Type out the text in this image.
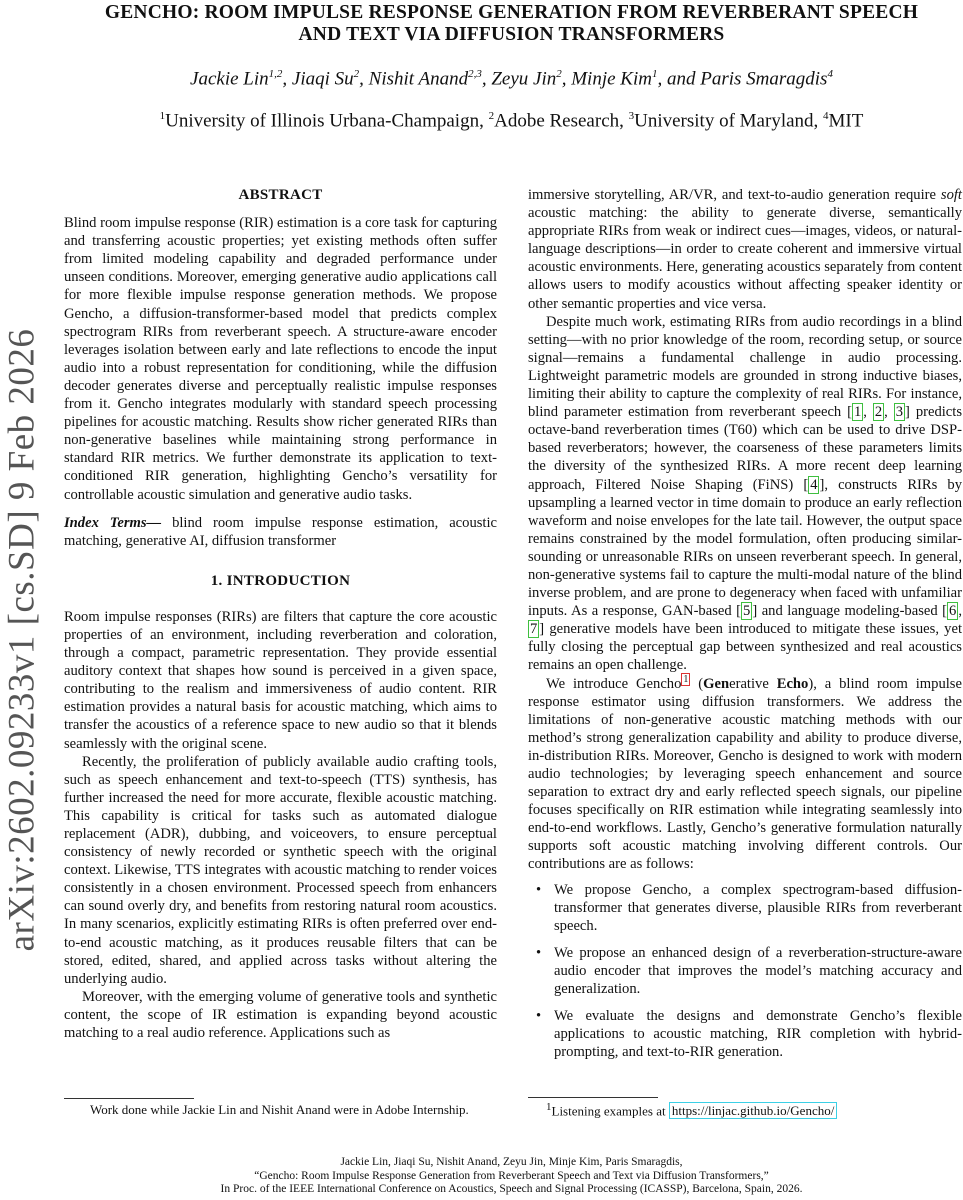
arXiv:2602.09233v1 [cs.SD] 9 Feb 2026
GENCHO: ROOM IMPULSE RESPONSE GENERATION FROM REVERBERANT SPEECH
AND TEXT VIA DIFFUSION TRANSFORMERS
Jackie Lin$^{1,2}$, Jiaqi Su$^2$, Nishit Anand$^{2,3}$, Zeyu Jin$^2$, Minje Kim$^1$, and Paris Smaragdis$^4$
$^1$University of Illinois Urbana-Champaign, $^2$Adobe Research, $^3$University of Maryland, $^4$MIT
ABSTRACT

Blind room impulse response (RIR) estimation is a core task for capturing and transferring acoustic properties; yet existing methods often suffer from limited modeling capability and degraded performance under unseen conditions. Moreover, emerging generative audio applications call for more flexible impulse response generation methods. We propose Gencho, a diffusion-transformer-based model that predicts complex spectrogram RIRs from reverberant speech. A structure-aware encoder leverages isolation between early and late reflections to encode the input audio into a robust representation for conditioning, while the diffusion decoder generates diverse and perceptually realistic impulse responses from it. Gencho integrates modularly with standard speech processing pipelines for acoustic matching. Results show richer generated RIRs than non-generative baselines while maintaining strong performance in standard RIR metrics. We further demonstrate its application to text-conditioned RIR generation, highlighting Gencho’s versatility for controllable acoustic simulation and generative audio tasks.

Index Terms— blind room impulse response estimation, acoustic matching, generative AI, diffusion transformer

1. INTRODUCTION

Room impulse responses (RIRs) are filters that capture the core acoustic properties of an environment, including reverberation and coloration, through a compact, parametric representation. They provide essential auditory context that shapes how sound is perceived in a given space, contributing to the realism and immersiveness of audio content. RIR estimation provides a natural basis for acoustic matching, which aims to transfer the acoustics of a reference space to new audio so that it blends seamlessly with the original scene.

Recently, the proliferation of publicly available audio crafting tools, such as speech enhancement and text-to-speech (TTS) synthesis, has further increased the need for more accurate, flexible acoustic matching. This capability is critical for tasks such as automated dialogue replacement (ADR), dubbing, and voiceovers, to ensure perceptual consistency of newly recorded or synthetic speech with the original context. Likewise, TTS integrates with acoustic matching to render voices consistently in a chosen environment. Processed speech from enhancers can sound overly dry, and benefits from restoring natural room acoustics. In many scenarios, explicitly estimating RIRs is often preferred over end-to-end acoustic matching, as it produces reusable filters that can be stored, edited, shared, and applied across tasks without altering the underlying audio.

Moreover, with the emerging volume of generative tools and synthetic content, the scope of IR estimation is expanding beyond acoustic matching to a real audio reference. Applications such as

immersive storytelling, AR/VR, and text-to-audio generation require soft acoustic matching: the ability to generate diverse, semantically appropriate RIRs from weak or indirect cues—images, videos, or natural-language descriptions—in order to create coherent and immersive virtual acoustic environments. Here, generating acoustics separately from content allows users to modify acoustics without affecting speaker identity or other semantic properties and vice versa.

Despite much work, estimating RIRs from audio recordings in a blind setting—with no prior knowledge of the room, recording setup, or source signal—remains a fundamental challenge in audio processing. Lightweight parametric models are grounded in strong inductive biases, limiting their ability to capture the complexity of real RIRs. For instance, blind parameter estimation from reverberant speech [ 1 , 2 , 3 ] predicts octave-band reverberation times (T60) which can be used to drive DSP-based reverberators; however, the coarseness of these parameters limits the diversity of the synthesized RIRs. A more recent deep learning approach, Filtered Noise Shaping (FiNS) [ 4 ], constructs RIRs by upsampling a learned vector in time domain to produce an early reflection waveform and noise envelopes for the late tail. However, the output space remains constrained by the model formulation, often producing similar-sounding or unreasonable RIRs on unseen reverberant speech. In general, non-generative systems fail to capture the multi-modal nature of the blind inverse problem, and are prone to degeneracy when faced with unfamiliar inputs. As a response, GAN-based [ 5 ] and language modeling-based [ 6 , 7 ] generative models have been introduced to mitigate these issues, yet fully closing the perceptual gap between synthesized and real acoustics remains an open challenge.

We introduce Gencho $^1$ (Generative Echo), a blind room impulse response estimator using diffusion transformers. We address the limitations of non-generative acoustic matching methods with our method’s strong generalization capability and ability to produce diverse, in-distribution RIRs. Moreover, Gencho is designed to work with modern audio technologies; by leveraging speech enhancement and source separation to extract dry and early reflected speech signals, our pipeline focuses specifically on RIR estimation while integrating seamlessly into end-to-end workflows. Lastly, Gencho’s generative formulation naturally supports soft acoustic matching involving different controls. Our contributions are as follows:

• We propose Gencho, a complex spectrogram-based diffusion-transformer that generates diverse, plausible RIRs from reverberant speech.
• We propose an enhanced design of a reverberation-structure-aware audio encoder that improves the model’s matching accuracy and generalization.
• We evaluate the designs and demonstrate Gencho’s flexible applications to acoustic matching, RIR completion with hybrid-prompting, and text-to-RIR generation.
Work done while Jackie Lin and Nishit Anand were in Adobe Internship.	$^1$Listening examples at https://linjac.github.io/Gencho/
Jackie Lin, Jiaqi Su, Nishit Anand, Zeyu Jin, Minje Kim, Paris Smaragdis,
“Gencho: Room Impulse Response Generation from Reverberant Speech and Text via Diffusion Transformers,”
In Proc. of the IEEE International Conference on Acoustics, Speech and Signal Processing (ICASSP), Barcelona, Spain, 2026.
